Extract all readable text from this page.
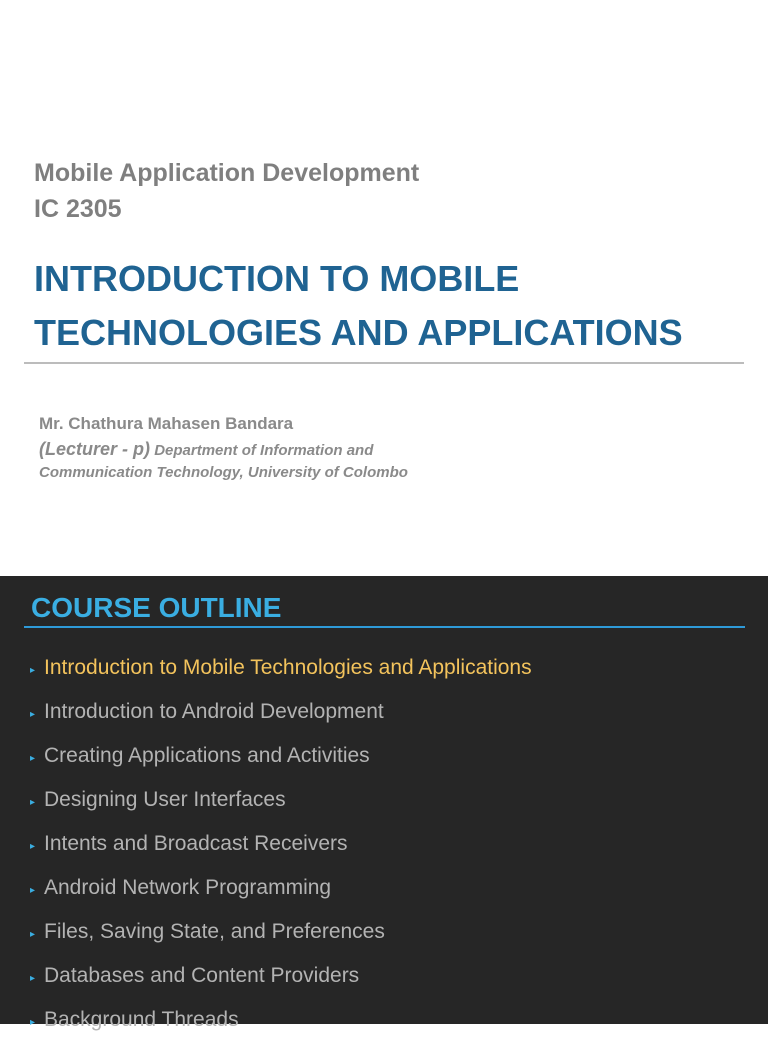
Mobile Application Development
IC 2305
INTRODUCTION TO MOBILE
TECHNOLOGIES AND APPLICATIONS
Mr. Chathura Mahasen Bandara
(Lecturer - p) Department of Information and Communication Technology, University of Colombo
COURSE OUTLINE
▸ Introduction to Mobile Technologies and Applications
▸ Introduction to Android Development
▸ Creating Applications and Activities
▸ Designing User Interfaces
▸ Intents and Broadcast Receivers
▸ Android Network Programming
▸ Files, Saving State, and Preferences
▸ Databases and Content Providers
▸ Background Threads
